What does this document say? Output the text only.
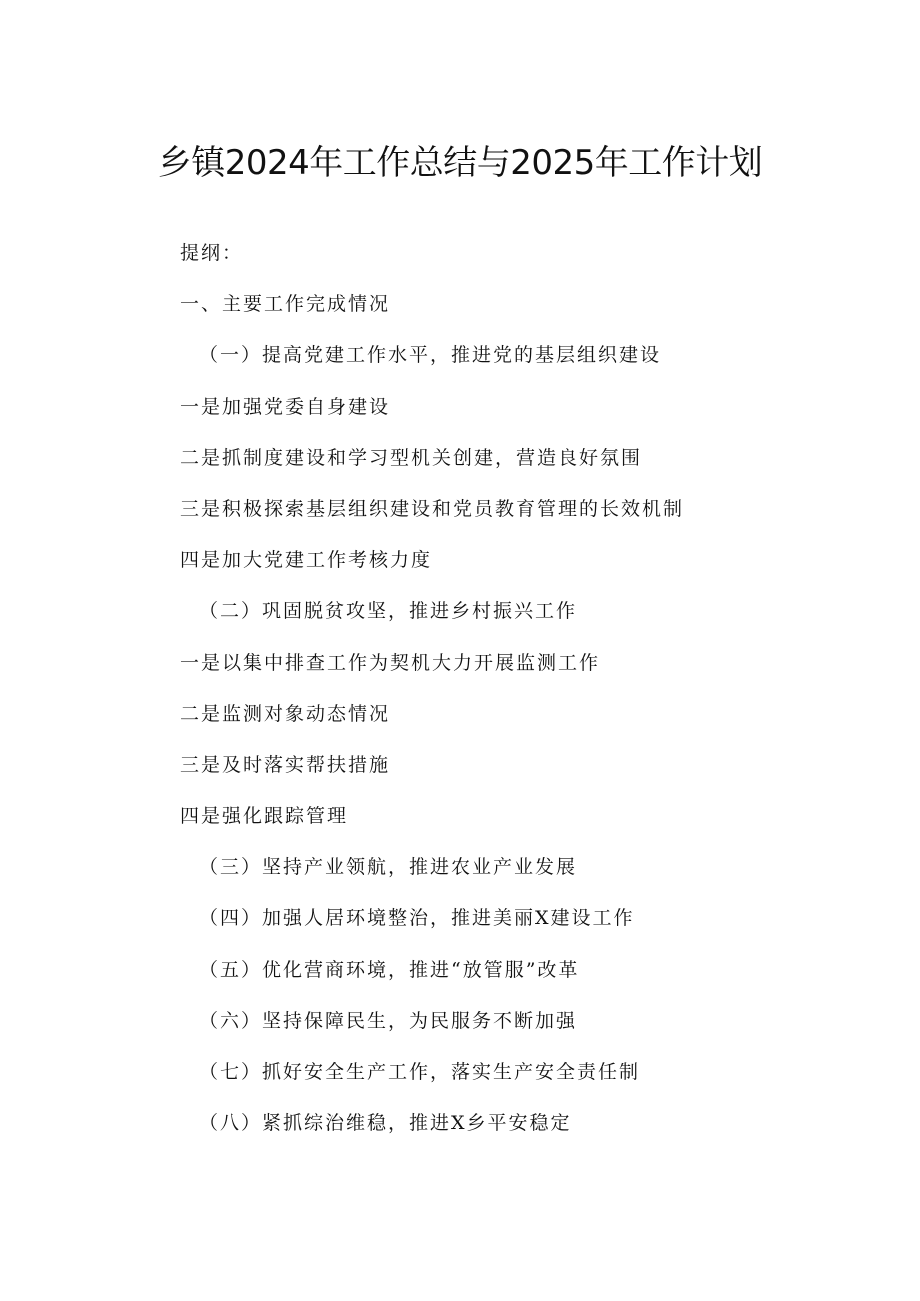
乡镇2024年工作总结与2025年工作计划
提纲：
一、主要工作完成情况
（一）提高党建工作水平，推进党的基层组织建设
一是加强党委自身建设
二是抓制度建设和学习型机关创建，营造良好氛围
三是积极探索基层组织建设和党员教育管理的长效机制
四是加大党建工作考核力度
（二）巩固脱贫攻坚，推进乡村振兴工作
一是以集中排查工作为契机大力开展监测工作
二是监测对象动态情况
三是及时落实帮扶措施
四是强化跟踪管理
（三）坚持产业领航，推进农业产业发展
（四）加强人居环境整治，推进美丽X建设工作
（五）优化营商环境，推进“放管服”改革
（六）坚持保障民生，为民服务不断加强
（七）抓好安全生产工作，落实生产安全责任制
（八）紧抓综治维稳，推进X乡平安稳定
